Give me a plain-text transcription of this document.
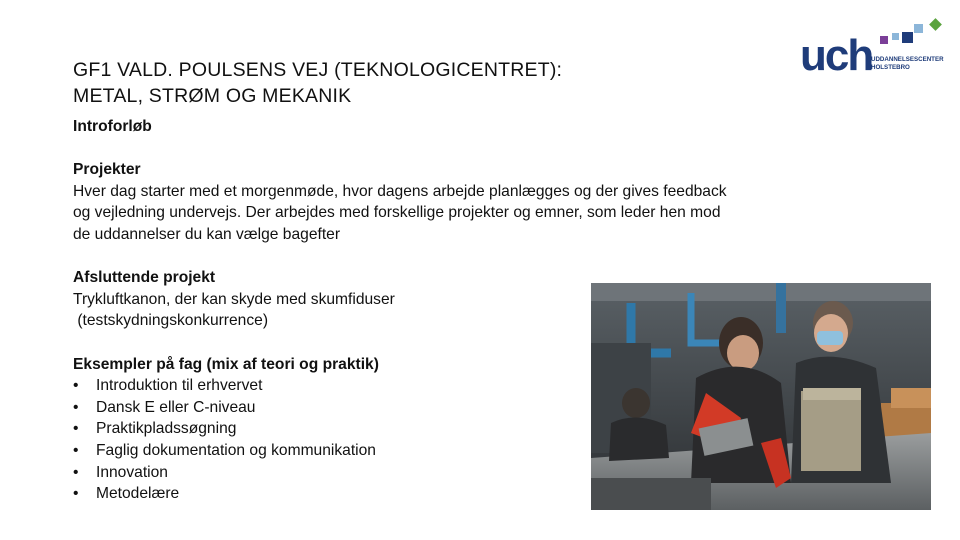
GF1 VALD. POULSENS VEJ (TEKNOLOGICENTRET):
METAL, STRØM OG MEKANIK
Introforløb
Projekter
Hver dag starter med et morgenmøde, hvor dagens arbejde planlægges og der gives feedback
og vejledning undervejs. Der arbejdes med forskellige projekter og emner, som leder hen mod
de uddannelser du kan vælge bagefter
Afsluttende projekt
Trykluftkanon, der kan skyde med skumfiduser
(testskydningskonkurrence)
Eksempler på fag (mix af teori og praktik)
• Introduktion til erhvervet
• Dansk E eller C-niveau
• Praktikpladssøgning
• Faglig dokumentation og kommunikation
• Innovation
• Metodelære
uch
UDDANNELSESCENTER
HOLSTEBRO
